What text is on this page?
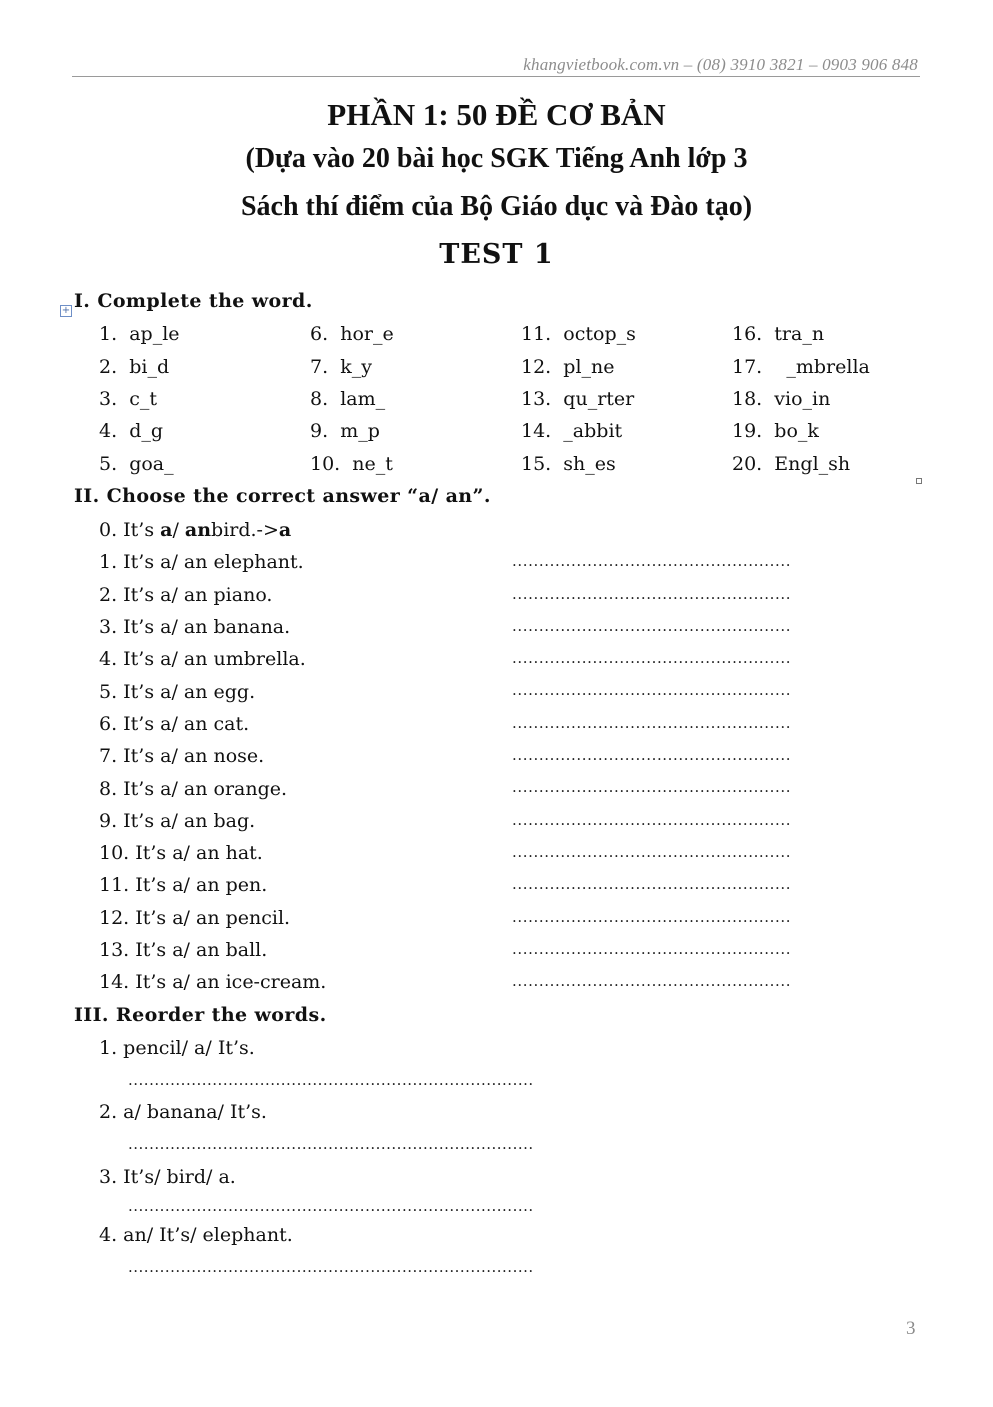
khangvietbook.com.vn – (08) 3910 3821 – 0903 906 848

PHẦN 1: 50 ĐỀ CƠ BẢN

(Dựa vào 20 bài học SGK Tiếng Anh lớp 3

Sách thí điểm của Bộ Giáo dục và Đào tạo)

TEST 1

+ I. Complete the word.
1.  ap_le	6.  hor_e	11.  octop_s	16.  tra_n
2.  bi_d	7.  k_y	12.  pl_ne	17.    _mbrella
3.  c_t	8.  lam_	13.  qu_rter	18.  vio_in
4.  d_g	9.  m_p	14.  _abbit	19.  bo_k
5.  goa_	10.  ne_t	15.  sh_es	20.  Engl_sh
II. Choose the correct answer “a/ an”.
0. It’s a / an bird.-> a
1. It’s a/ an elephant.	....................................................
2. It’s a/ an piano.	....................................................
3. It’s a/ an banana.	....................................................
4. It’s a/ an umbrella.	....................................................
5. It’s a/ an egg.	....................................................
6. It’s a/ an cat.	....................................................
7. It’s a/ an nose.	....................................................
8. It’s a/ an orange.	....................................................
9. It’s a/ an bag.	....................................................
10. It’s a/ an hat.	....................................................
11. It’s a/ an pen.	....................................................
12. It’s a/ an pencil.	....................................................
13. It’s a/ an ball.	....................................................
14. It’s a/ an ice-cream.	....................................................
III. Reorder the words.
1. pencil/ a/ It’s.
.............................................................................
2. a/ banana/ It’s.
.............................................................................
3. It’s/ bird/ a.
.............................................................................
4. an/ It’s/ elephant.
.............................................................................
3
